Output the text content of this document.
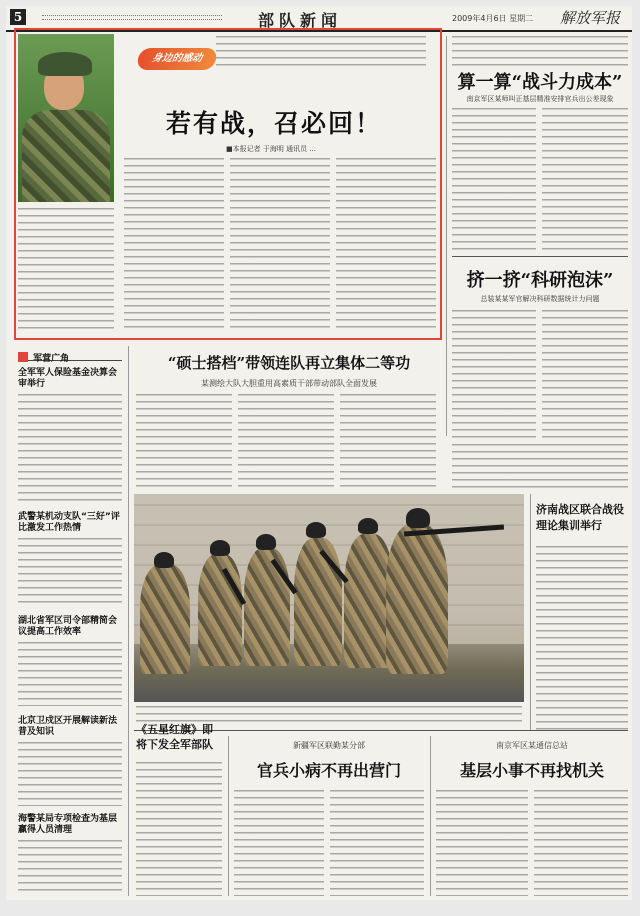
5	部队新闻	2009年4月6日 星期二 解放军报
身边的感动
若有战，召必回！
■本报记者 于海明 通讯员 ...
算一算“战斗力成本”
南京军区某师叫正基层精准安排官兵出公差现象
挤一挤“科研泡沫”
总装某某军官解决科研数据统计力问题
军营广角
全军军人保险基金决算会审举行
武警某机动支队“三好”评比激发工作热情
湖北省军区司令部精简会议提高工作效率
北京卫戍区开展解读新法普及知识
海警某局专项检查为基层赢得人员清理
“硕士搭档”带领连队再立集体二等功
某测绘大队大胆重用高素质干部带动部队全面发展
济南战区联合战役理论集训举行
《五星红旗》即将下发全军部队	新疆军区联勤某分部
官兵小病不再出营门
南京军区某通信总站
基层小事不再找机关
